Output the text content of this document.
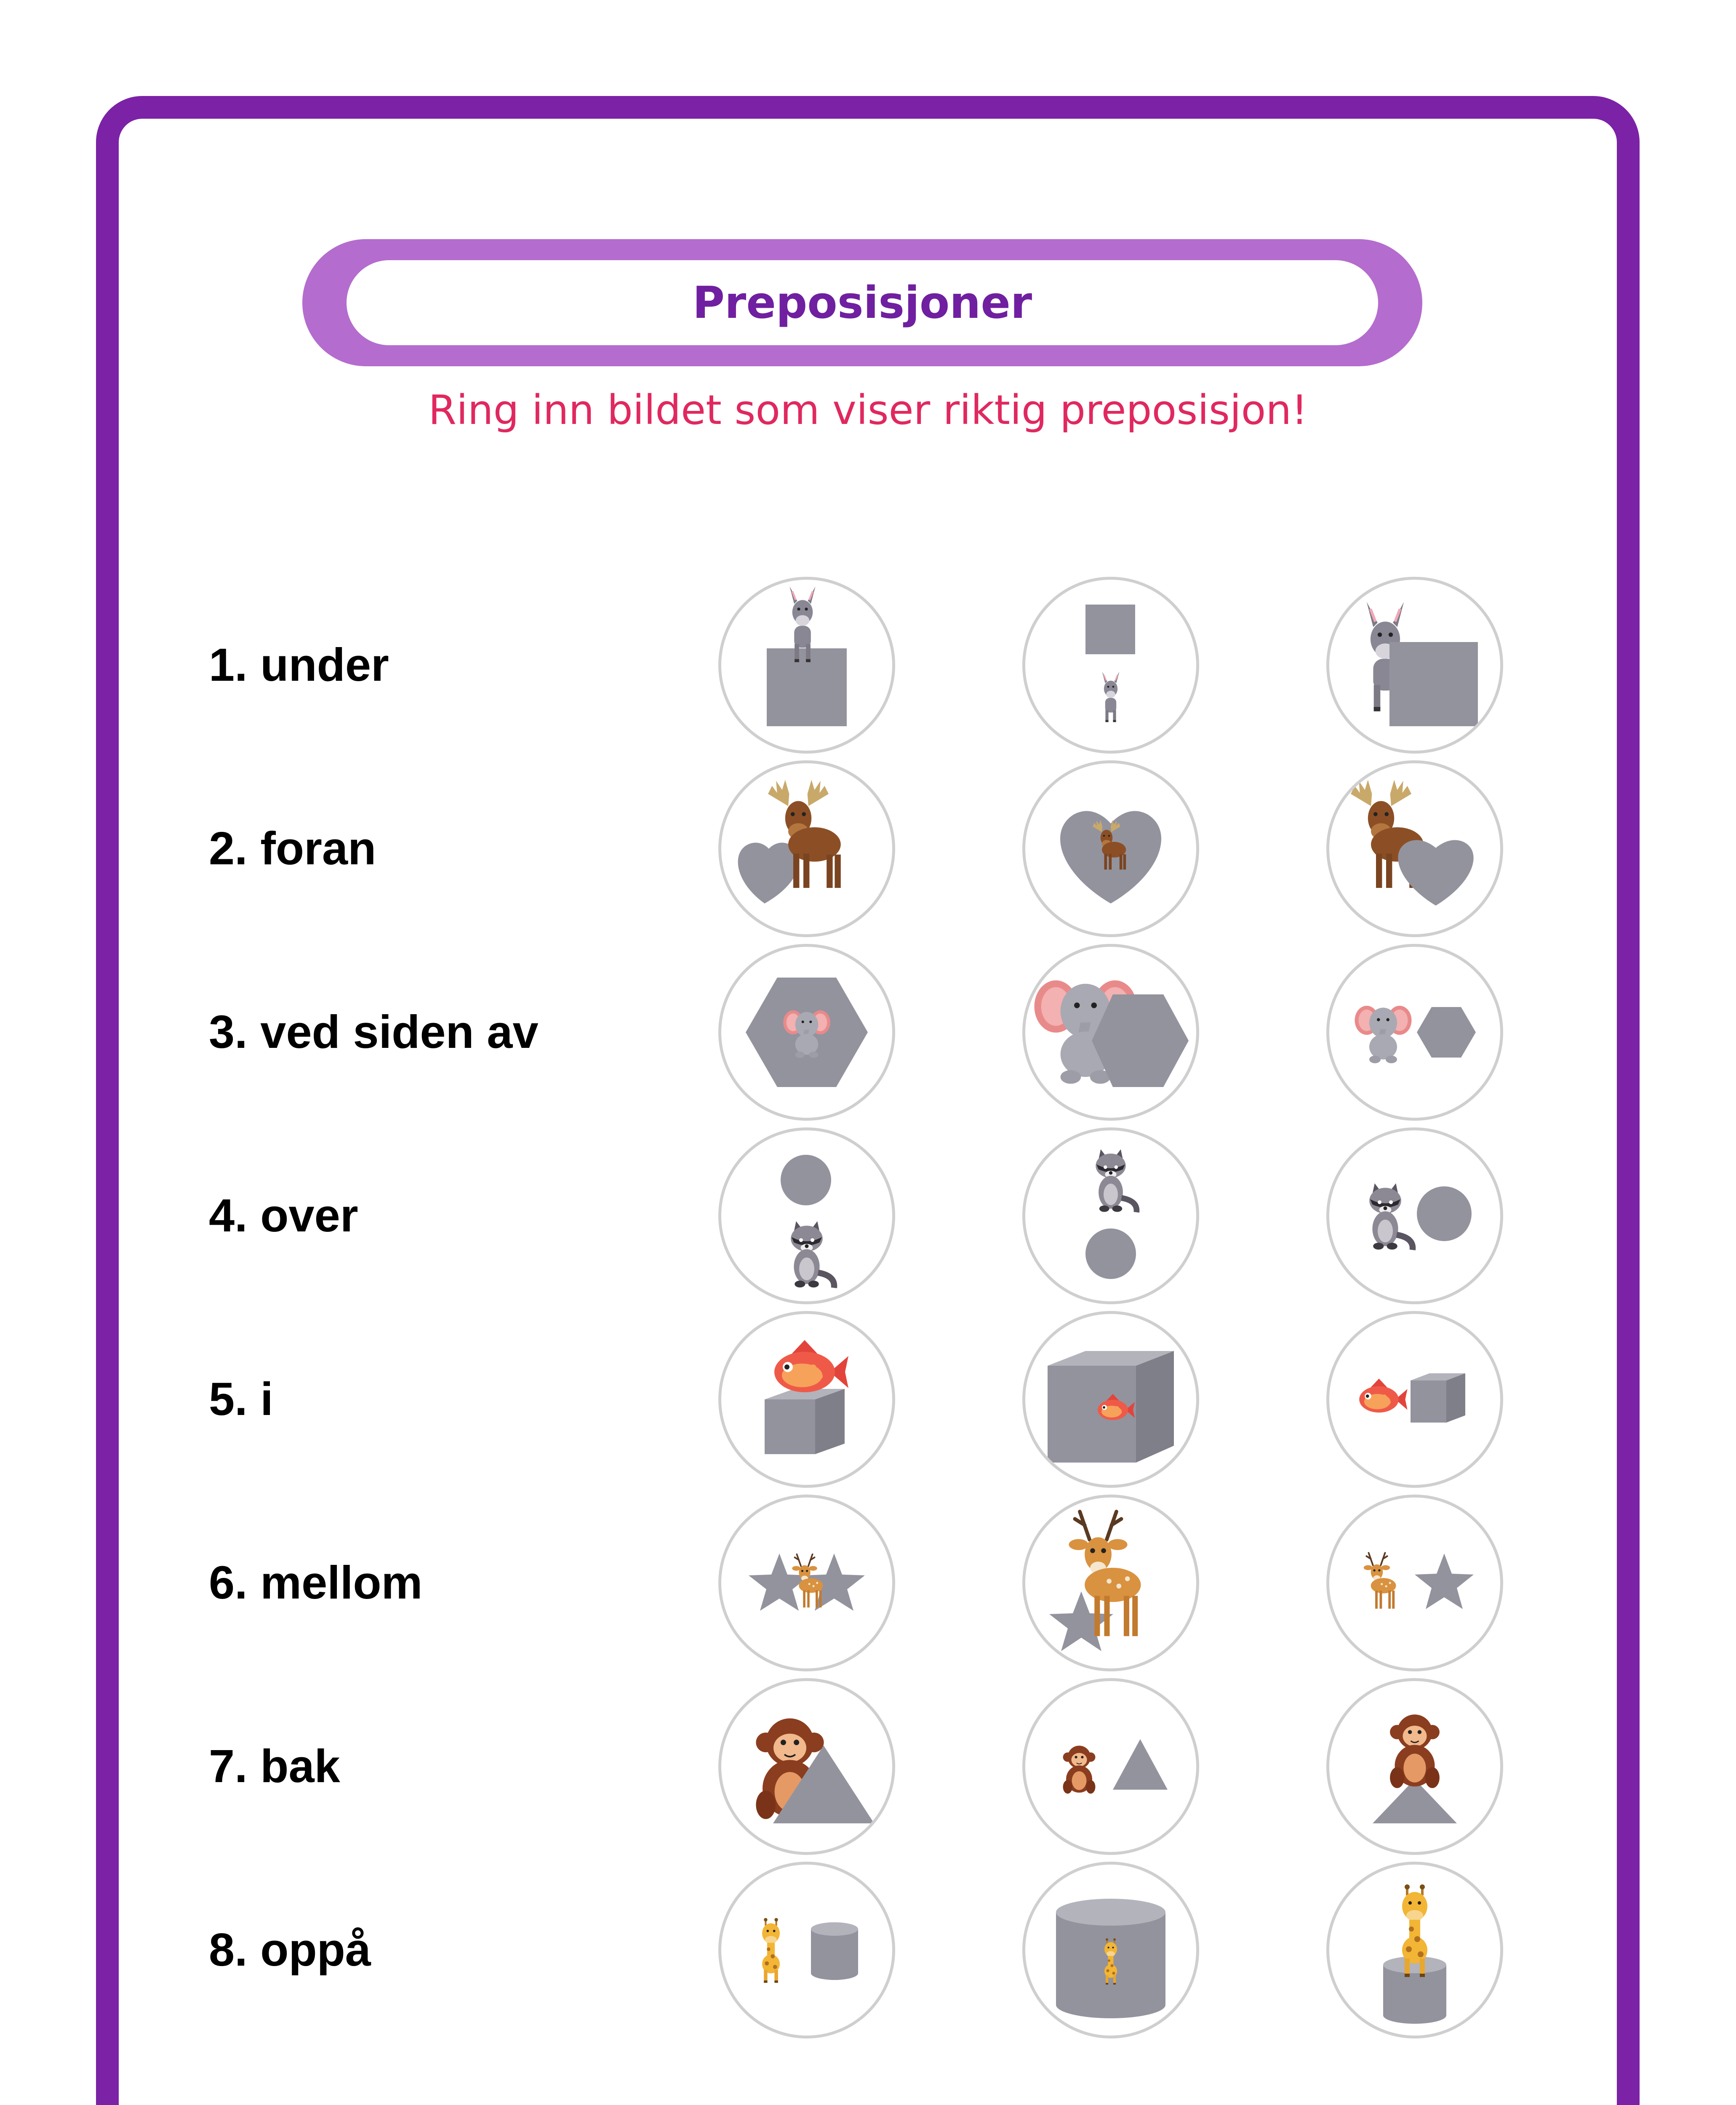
Preposisjoner
Ring inn bildet som viser riktig preposisjon!
1. under
2. foran
3. ved siden av
4. over
5. i
6. mellom
7. bak
8. oppå
